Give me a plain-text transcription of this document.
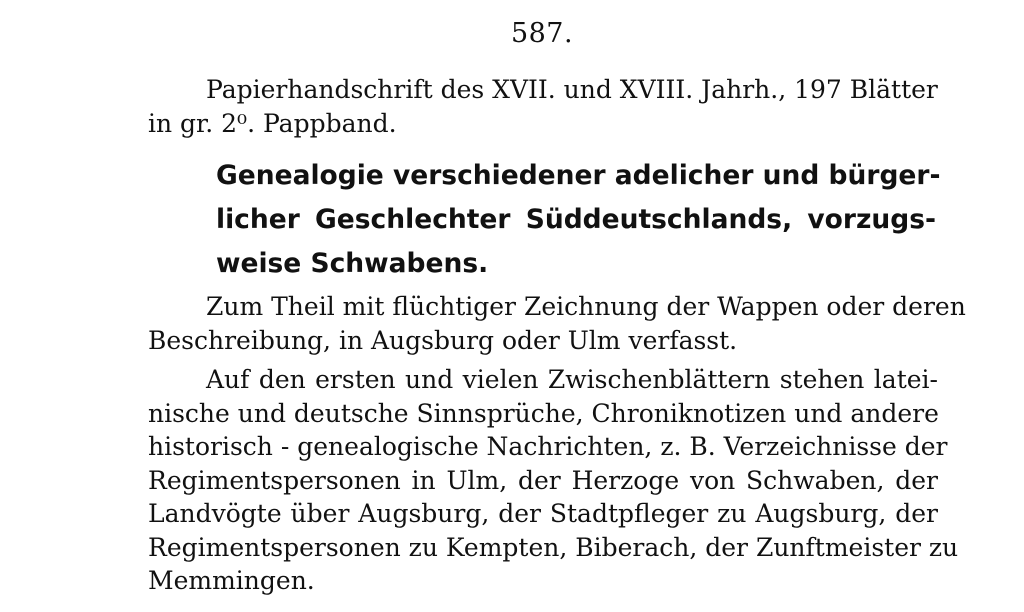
587.
Papierhandschrift des XVII. und XVIII. Jahrh., 197 Blätter
in gr. 2⁰. Pappband.
Genealogie verschiedener adelicher und bürger-
licher Geschlechter Süddeutschlands, vorzugs-
weise Schwabens.
Zum Theil mit flüchtiger Zeichnung der Wappen oder deren
Beschreibung, in Augsburg oder Ulm verfasst.
Auf den ersten und vielen Zwischenblättern stehen latei-
nische und deutsche Sinnsprüche, Chroniknotizen und andere
historisch - genealogische Nachrichten, z. B. Verzeichnisse der
Regimentspersonen in Ulm, der Herzoge von Schwaben, der
Landvögte über Augsburg, der Stadtpfleger zu Augsburg, der
Regimentspersonen zu Kempten, Biberach, der Zunftmeister zu
Memmingen.
